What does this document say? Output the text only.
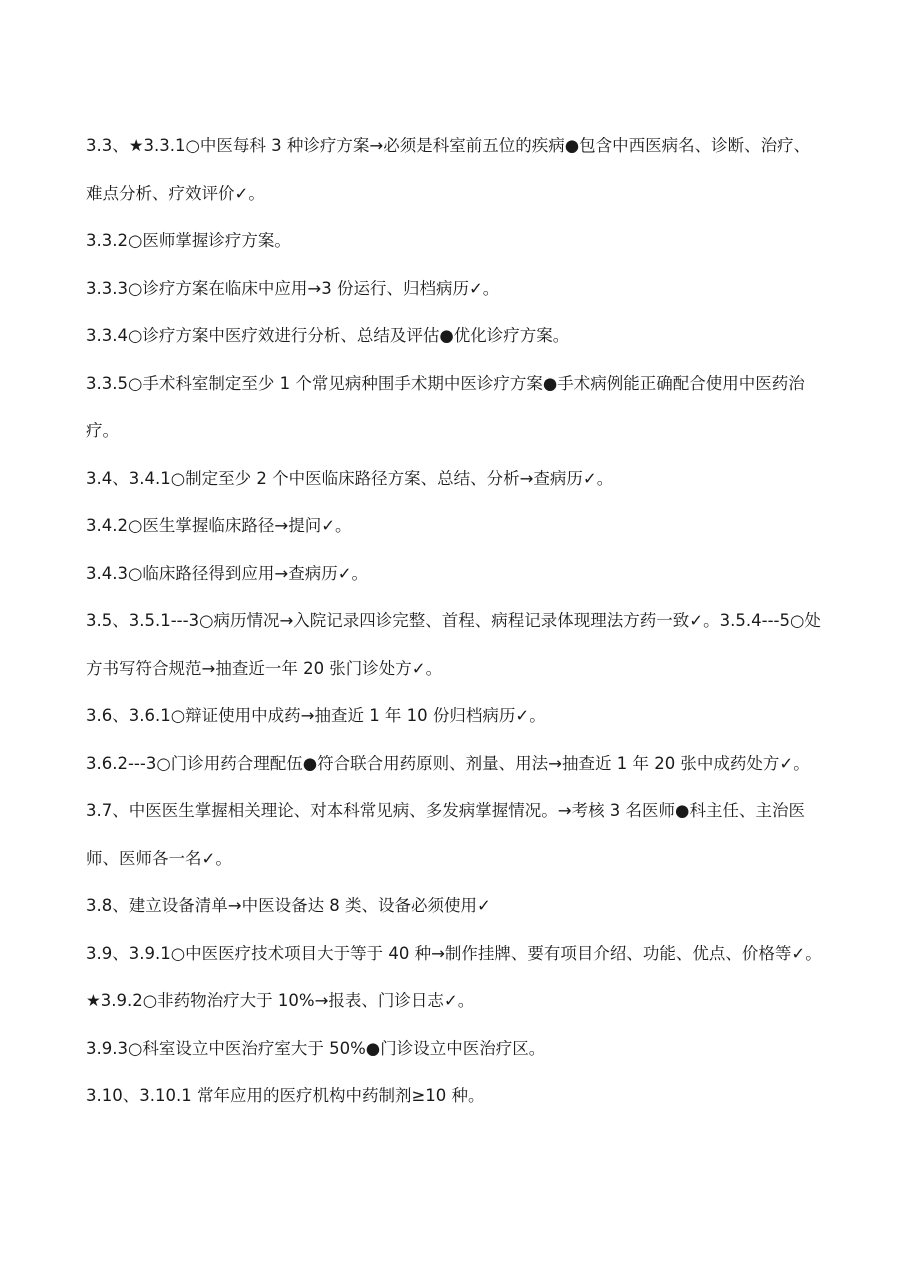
3.3、★3.3.1○中医每科 3 种诊疗方案→必须是科室前五位的疾病●包含中西医病名、诊断、治疗、难点分析、疗效评价✓。

3.3.2○医师掌握诊疗方案。

3.3.3○诊疗方案在临床中应用→3 份运行、归档病历✓。

3.3.4○诊疗方案中医疗效进行分析、总结及评估●优化诊疗方案。

3.3.5○手术科室制定至少 1 个常见病种围手术期中医诊疗方案●手术病例能正确配合使用中医药治疗。

3.4、3.4.1○制定至少 2 个中医临床路径方案、总结、分析→查病历✓。

3.4.2○医生掌握临床路径→提问✓。

3.4.3○临床路径得到应用→查病历✓。

3.5、3.5.1---3○病历情况→入院记录四诊完整、首程、病程记录体现理法方药一致✓。3.5.4---5○处方书写符合规范→抽查近一年 20 张门诊处方✓。

3.6、3.6.1○辩证使用中成药→抽查近 1 年 10 份归档病历✓。

3.6.2---3○门诊用药合理配伍●符合联合用药原则、剂量、用法→抽查近 1 年 20 张中成药处方✓。

3.7、中医医生掌握相关理论、对本科常见病、多发病掌握情况。→考核 3 名医师●科主任、主治医师、医师各一名✓。

3.8、建立设备清单→中医设备达 8 类、设备必须使用✓

3.9、3.9.1○中医医疗技术项目大于等于 40 种→制作挂牌、要有项目介绍、功能、优点、价格等✓。

★3.9.2○非药物治疗大于 10%→报表、门诊日志✓。

3.9.3○科室设立中医治疗室大于 50%●门诊设立中医治疗区。

3.10、3.10.1 常年应用的医疗机构中药制剂≥10 种。
